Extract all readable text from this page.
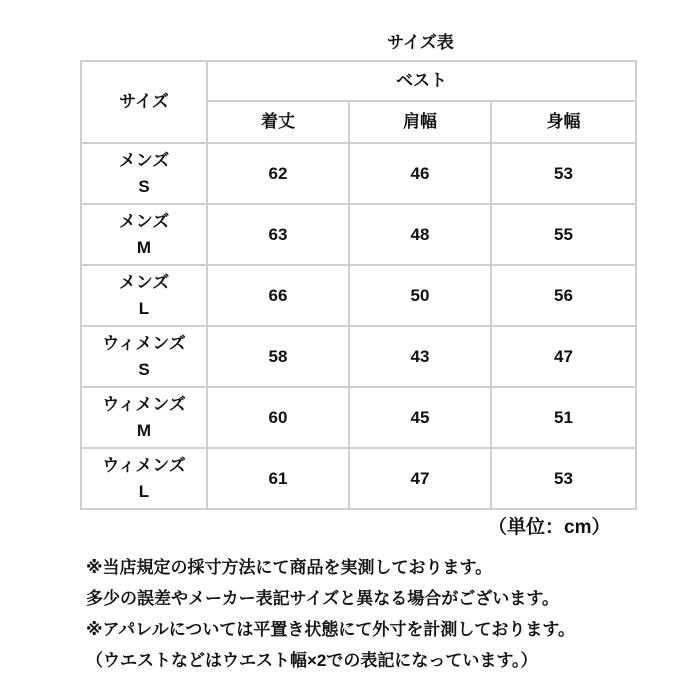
サイズ表
サイズ	ベスト		
	着丈	肩幅	身幅

メンズ
S	62	46	53

メンズ
M	63	48	55

メンズ
L	66	50	56

ウィメンズ
S	58	43	47

ウィメンズ
M	60	45	51

ウィメンズ
L	61	47	53
（単位：cm）
※当店規定の採寸方法にて商品を実測しております。
多少の誤差やメーカー表記サイズと異なる場合がございます。
※アパレルについては平置き状態にて外寸を計測しております。
（ウエストなどはウエスト幅×2での表記になっています。）
